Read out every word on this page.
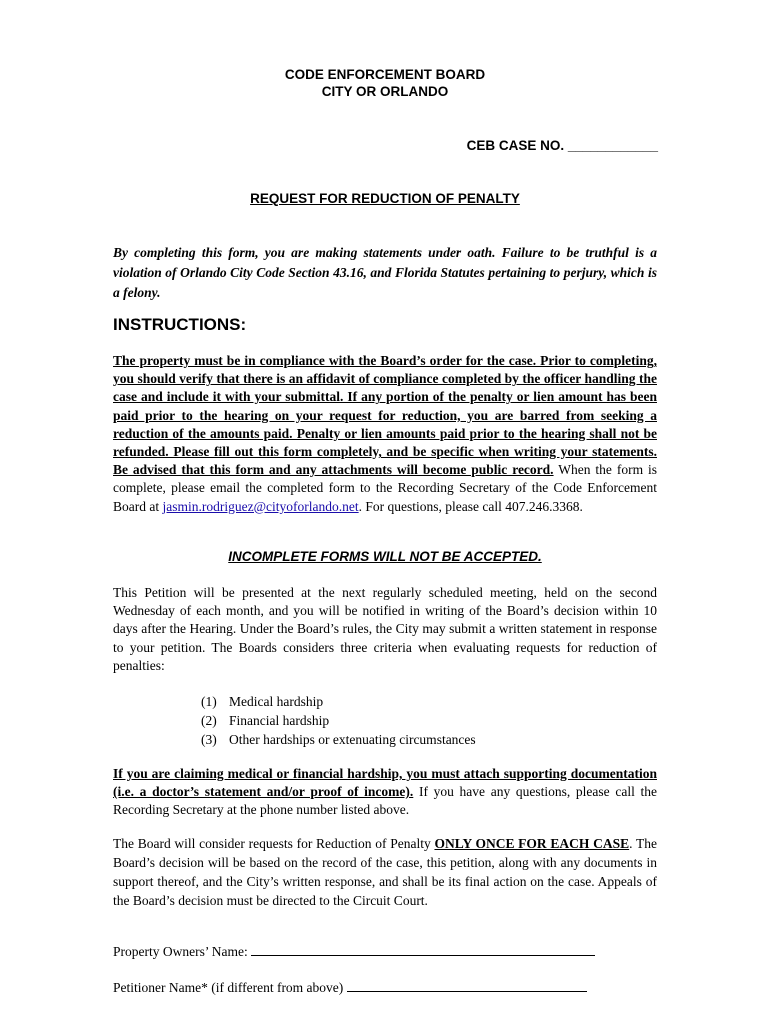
CODE ENFORCEMENT BOARD
CITY OR ORLANDO
CEB CASE NO. ____________
REQUEST FOR REDUCTION OF PENALTY
By completing this form, you are making statements under oath. Failure to be truthful is a violation of Orlando City Code Section 43.16, and Florida Statutes pertaining to perjury, which is a felony.
INSTRUCTIONS:
The property must be in compliance with the Board’s order for the case. Prior to completing, you should verify that there is an affidavit of compliance completed by the officer handling the case and include it with your submittal. If any portion of the penalty or lien amount has been paid prior to the hearing on your request for reduction, you are barred from seeking a reduction of the amounts paid. Penalty or lien amounts paid prior to the hearing shall not be refunded. Please fill out this form completely, and be specific when writing your statements. Be advised that this form and any attachments will become public record. When the form is complete, please email the completed form to the Recording Secretary of the Code Enforcement Board at jasmin.rodriguez@cityoforlando.net. For questions, please call 407.246.3368.
INCOMPLETE FORMS WILL NOT BE ACCEPTED.
This Petition will be presented at the next regularly scheduled meeting, held on the second Wednesday of each month, and you will be notified in writing of the Board’s decision within 10 days after the Hearing. Under the Board’s rules, the City may submit a written statement in response to your petition. The Boards considers three criteria when evaluating requests for reduction of penalties:
(1) Medical hardship
(2) Financial hardship
(3) Other hardships or extenuating circumstances
If you are claiming medical or financial hardship, you must attach supporting documentation (i.e. a doctor’s statement and/or proof of income). If you have any questions, please call the Recording Secretary at the phone number listed above.
The Board will consider requests for Reduction of Penalty ONLY ONCE FOR EACH CASE. The Board’s decision will be based on the record of the case, this petition, along with any documents in support thereof, and the City’s written response, and shall be its final action on the case. Appeals of the Board’s decision must be directed to the Circuit Court.
Property Owners’ Name:
Petitioner Name* (if different from above)
